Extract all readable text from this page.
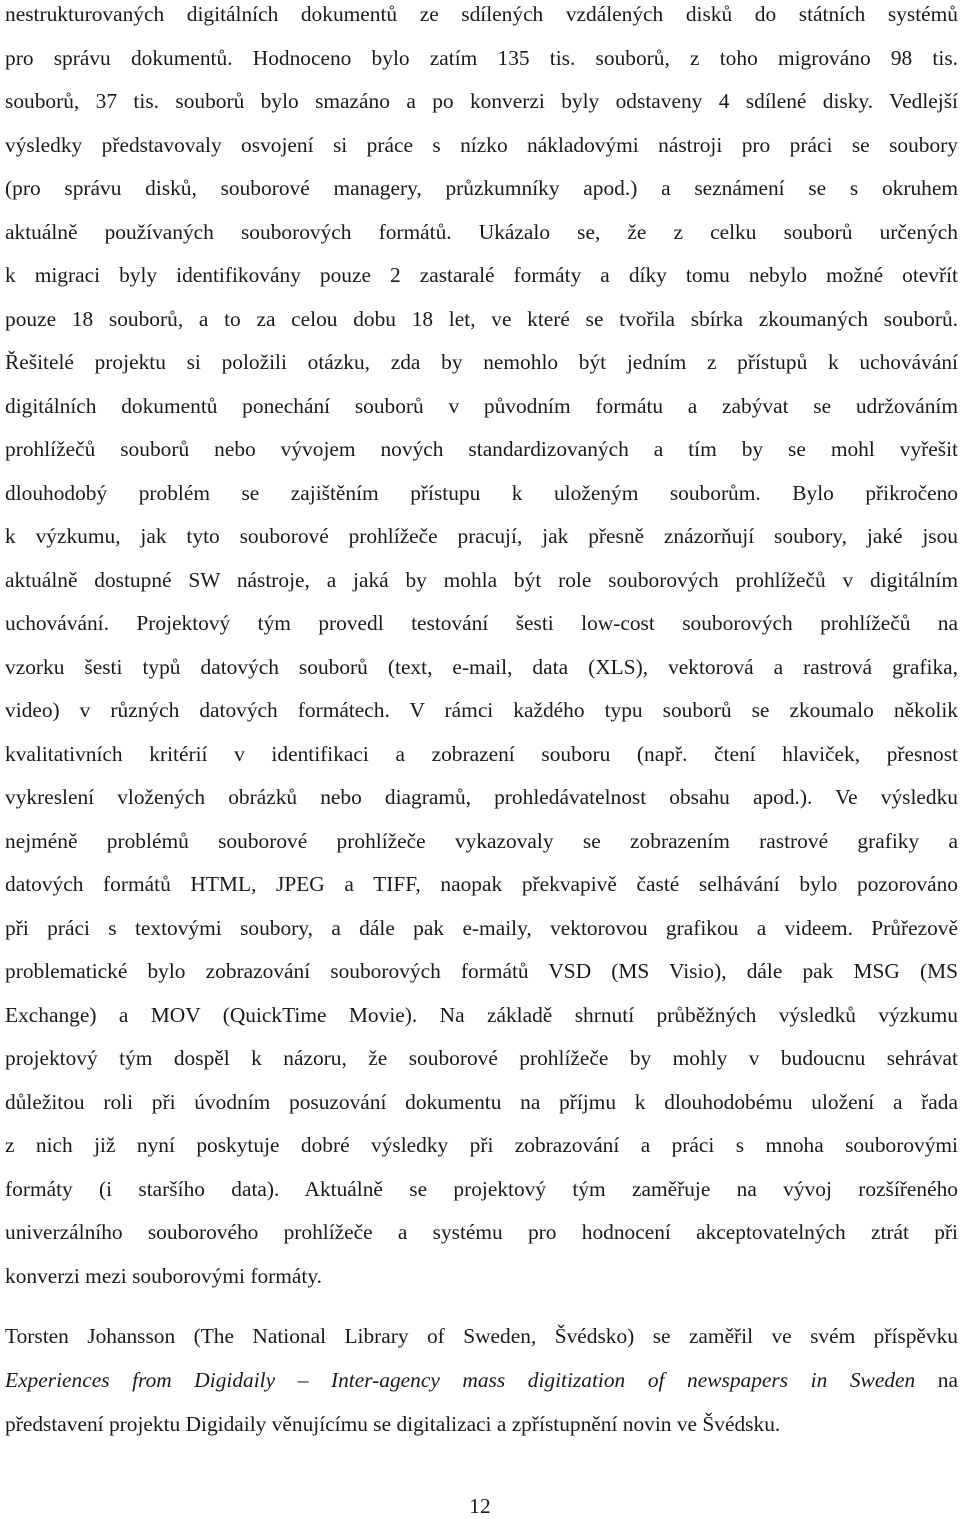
nestrukturovaných digitálních dokumentů ze sdílených vzdálených disků do státních systémů
pro správu dokumentů. Hodnoceno bylo zatím 135 tis. souborů, z toho migrováno 98 tis.
souborů, 37 tis. souborů bylo smazáno a po konverzi byly odstaveny 4 sdílené disky. Vedlejší
výsledky představovaly osvojení si práce s nízko nákladovými nástroji pro práci se soubory
(pro správu disků, souborové managery, průzkumníky apod.) a seznámení se s okruhem
aktuálně používaných souborových formátů. Ukázalo se, že z celku souborů určených
k migraci byly identifikovány pouze 2 zastaralé formáty a díky tomu nebylo možné otevřít
pouze 18 souborů, a to za celou dobu 18 let, ve které se tvořila sbírka zkoumaných souborů.
Řešitelé projektu si položili otázku, zda by nemohlo být jedním z přístupů k uchovávání
digitálních dokumentů ponechání souborů v původním formátu a zabývat se udržováním
prohlížečů souborů nebo vývojem nových standardizovaných a tím by se mohl vyřešit
dlouhodobý problém se zajištěním přístupu k uloženým souborům. Bylo přikročeno
k výzkumu, jak tyto souborové prohlížeče pracují, jak přesně znázorňují soubory, jaké jsou
aktuálně dostupné SW nástroje, a jaká by mohla být role souborových prohlížečů v digitálním
uchovávání. Projektový tým provedl testování šesti low-cost souborových prohlížečů na
vzorku šesti typů datových souborů (text, e-mail, data (XLS), vektorová a rastrová grafika,
video) v různých datových formátech. V rámci každého typu souborů se zkoumalo několik
kvalitativních kritérií v identifikaci a zobrazení souboru (např. čtení hlaviček, přesnost
vykreslení vložených obrázků nebo diagramů, prohledávatelnost obsahu apod.). Ve výsledku
nejméně problémů souborové prohlížeče vykazovaly se zobrazením rastrové grafiky a
datových formátů HTML, JPEG a TIFF, naopak překvapivě časté selhávání bylo pozorováno
při práci s textovými soubory, a dále pak e-maily, vektorovou grafikou a videem. Průřezově
problematické bylo zobrazování souborových formátů VSD (MS Visio), dále pak MSG (MS
Exchange) a MOV (QuickTime Movie). Na základě shrnutí průběžných výsledků výzkumu
projektový tým dospěl k názoru, že souborové prohlížeče by mohly v budoucnu sehrávat
důležitou roli při úvodním posuzování dokumentu na příjmu k dlouhodobému uložení a řada
z nich již nyní poskytuje dobré výsledky při zobrazování a práci s mnoha souborovými
formáty (i staršího data). Aktuálně se projektový tým zaměřuje na vývoj rozšířeného
univerzálního souborového prohlížeče a systému pro hodnocení akceptovatelných ztrát při
konverzi mezi souborovými formáty.
Torsten Johansson (The National Library of Sweden, Švédsko) se zaměřil ve svém příspěvku
Experiences from Digidaily – Inter-agency mass digitization of newspapers in Sweden na
představení projektu Digidaily věnujícímu se digitalizaci a zpřístupnění novin ve Švédsku.
12
